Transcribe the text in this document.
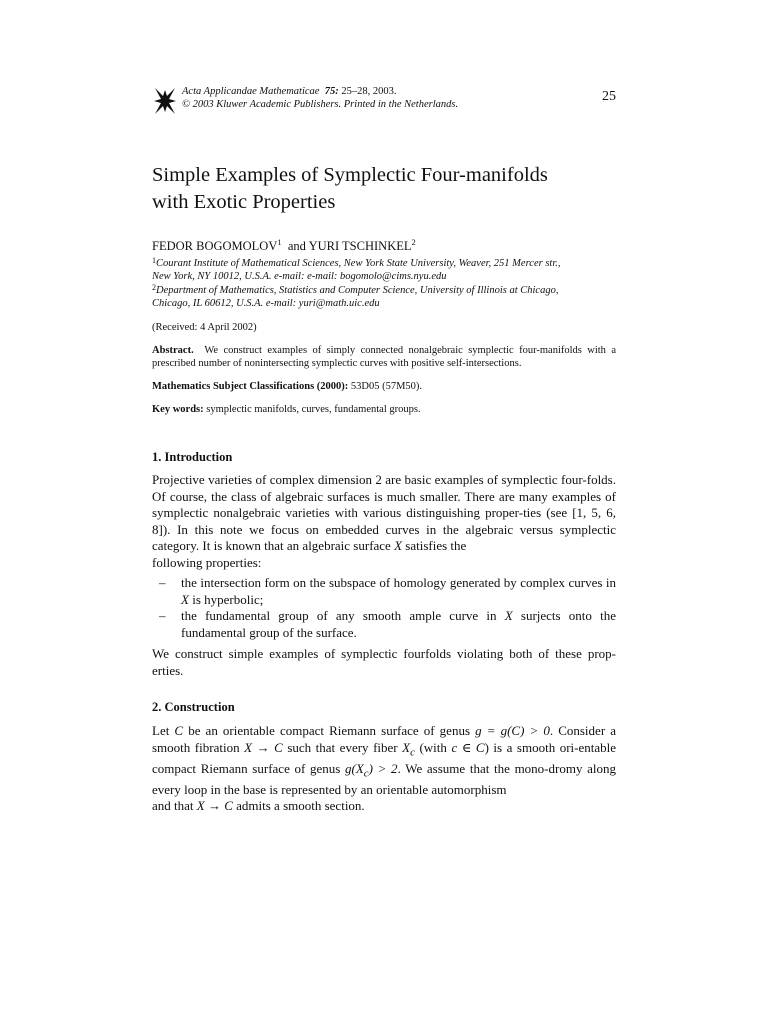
Acta Applicandae Mathematicae 75: 25–28, 2003.
© 2003 Kluwer Academic Publishers. Printed in the Netherlands.	25
Simple Examples of Symplectic Four-manifolds
with Exotic Properties
FEDOR BOGOMOLOV$^1$ and YURI TSCHINKEL$^2$
$^1$Courant Institute of Mathematical Sciences, New York State University, Weaver, 251 Mercer str.,
New York, NY 10012, U.S.A. e-mail: e-mail: bogomolo@cims.nyu.edu
$^2$Department of Mathematics, Statistics and Computer Science, University of Illinois at Chicago,
Chicago, IL 60612, U.S.A. e-mail: yuri@math.uic.edu
(Received: 4 April 2002)
Abstract. We construct examples of simply connected nonalgebraic symplectic four-manifolds with a prescribed number of nonintersecting symplectic curves with positive self-intersections.
Mathematics Subject Classifications (2000): 53D05 (57M50).
Key words: symplectic manifolds, curves, fundamental groups.
1. Introduction
Projective varieties of complex dimension 2 are basic examples of symplectic four-folds. Of course, the class of algebraic surfaces is much smaller. There are many examples of symplectic nonalgebraic varieties with various distinguishing proper-ties (see [1, 5, 6, 8]). In this note we focus on embedded curves in the algebraic versus symplectic category. It is known that an algebraic surface X satisfies the
following properties:
– the intersection form on the subspace of homology generated by complex curves in X is hyperbolic;
– the fundamental group of any smooth ample curve in X surjects onto the fundamental group of the surface.
We construct simple examples of symplectic fourfolds violating both of these prop-erties.
2. Construction
Let C be an orientable compact Riemann surface of genus g = g(C) > 0. Consider a smooth fibration X → C such that every fiber $X_c$ (with c ∈ C) is a smooth ori-entable compact Riemann surface of genus $g(X_c) > 2$. We assume that the mono-dromy along every loop in the base is represented by an orientable automorphism
and that X → C admits a smooth section.
